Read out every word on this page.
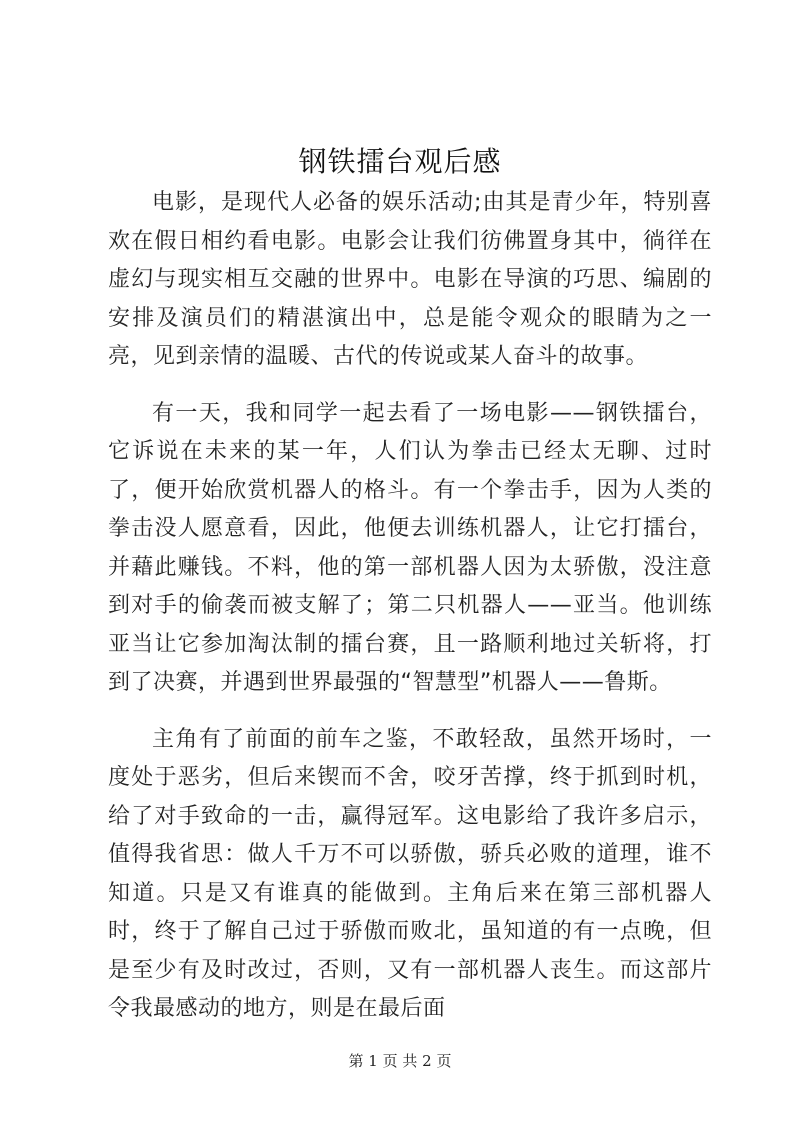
钢铁擂台观后感

电影，是现代人必备的娱乐活动;由其是青少年，特别喜欢在假日相约看电影。电影会让我们彷佛置身其中，徜徉在虚幻与现实相互交融的世界中。电影在导演的巧思、编剧的安排及演员们的精湛演出中，总是能令观众的眼睛为之一亮，见到亲情的温暖、古代的传说或某人奋斗的故事。

有一天，我和同学一起去看了一场电影——钢铁擂台，它诉说在未来的某一年，人们认为拳击已经太无聊、过时了，便开始欣赏机器人的格斗。有一个拳击手，因为人类的拳击没人愿意看，因此，他便去训练机器人，让它打擂台，并藉此赚钱。不料，他的第一部机器人因为太骄傲，没注意到对手的偷袭而被支解了；第二只机器人——亚当。他训练亚当让它参加淘汰制的擂台赛，且一路顺利地过关斩将，打到了决赛，并遇到世界最强的“智慧型”机器人——鲁斯。

主角有了前面的前车之鉴，不敢轻敌，虽然开场时，一度处于恶劣，但后来锲而不舍，咬牙苦撑，终于抓到时机，给了对手致命的一击，赢得冠军。这电影给了我许多启示，值得我省思：做人千万不可以骄傲，骄兵必败的道理，谁不知道。只是又有谁真的能做到。主角后来在第三部机器人时，终于了解自己过于骄傲而败北，虽知道的有一点晚，但是至少有及时改过，否则，又有一部机器人丧生。而这部片令我最感动的地方，则是在最后面

第 1 页 共 2 页
